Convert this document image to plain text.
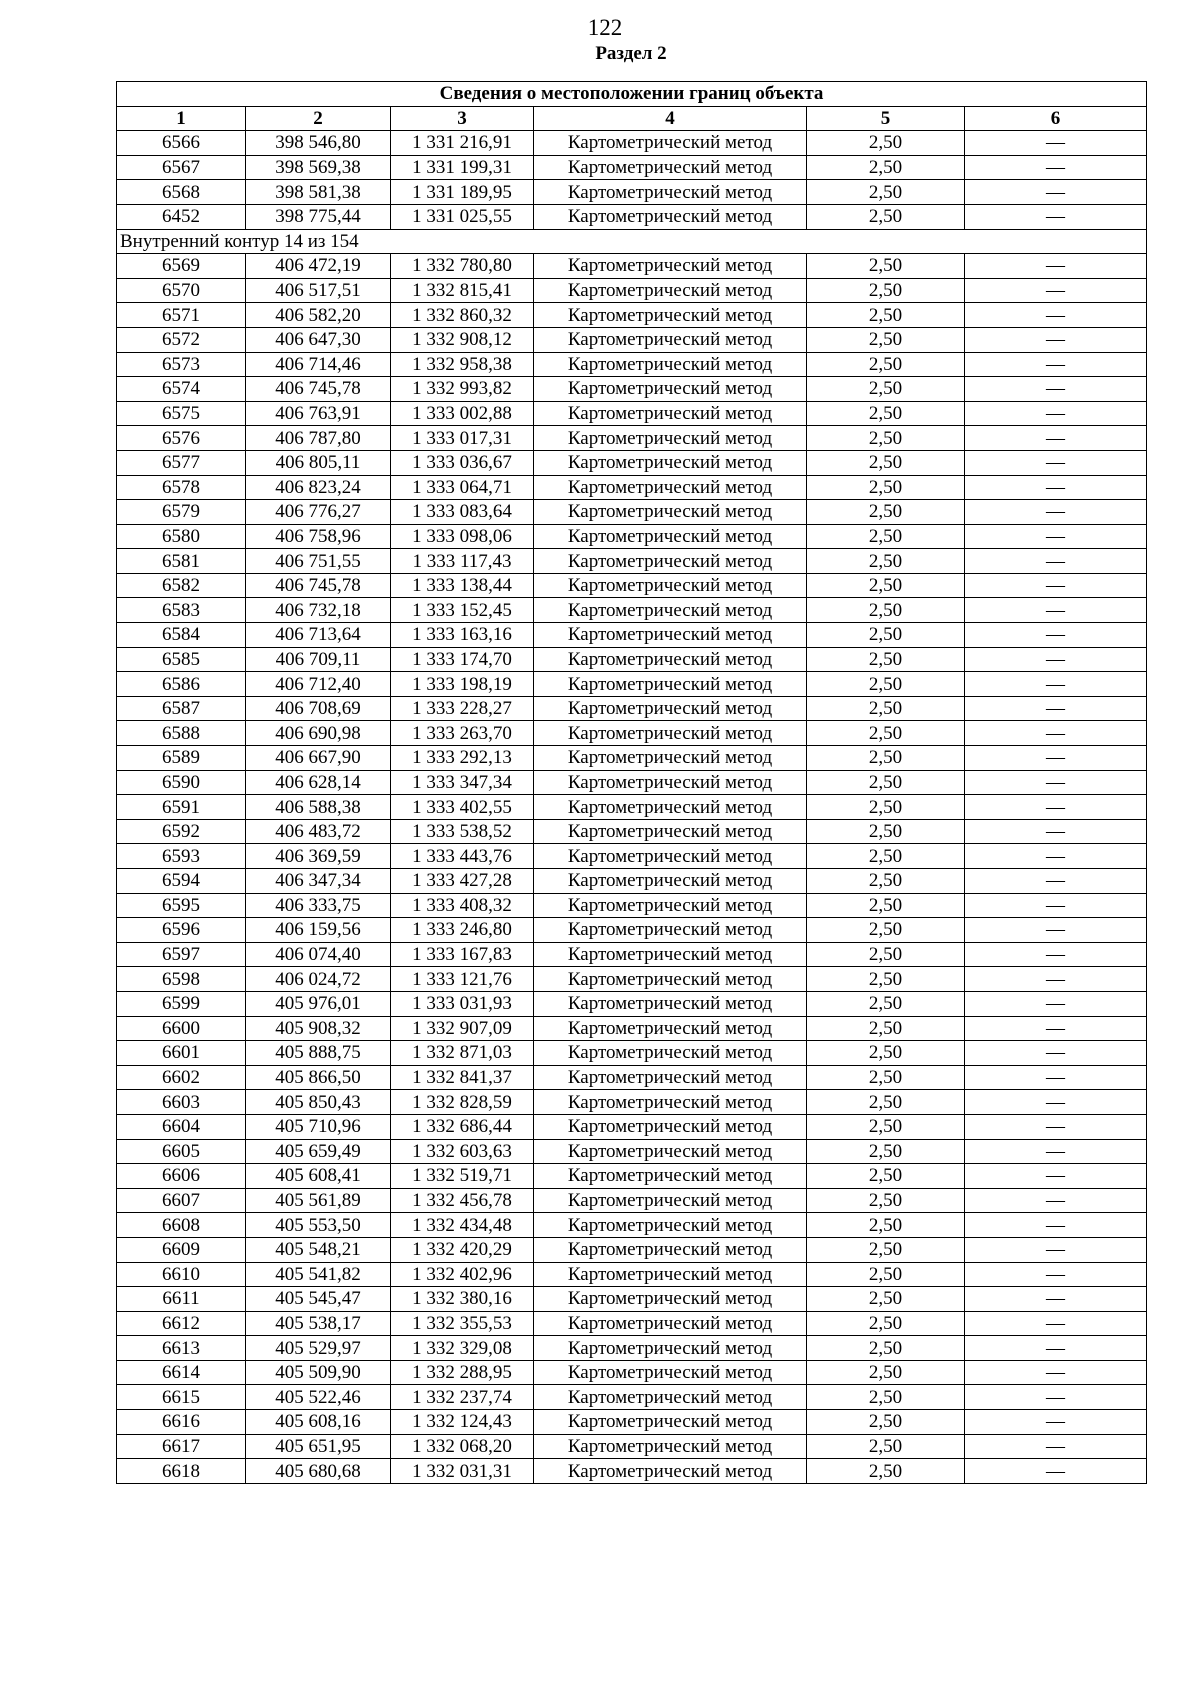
122
Раздел 2
Сведения о местоположении границ объекта					
1	2	3	4	5	6
6566	398 546,80	1 331 216,91	Картометрический метод	2,50	—
6567	398 569,38	1 331 199,31	Картометрический метод	2,50	—
6568	398 581,38	1 331 189,95	Картометрический метод	2,50	—
6452	398 775,44	1 331 025,55	Картометрический метод	2,50	—
Внутренний контур 14 из 154					
6569	406 472,19	1 332 780,80	Картометрический метод	2,50	—
6570	406 517,51	1 332 815,41	Картометрический метод	2,50	—
6571	406 582,20	1 332 860,32	Картометрический метод	2,50	—
6572	406 647,30	1 332 908,12	Картометрический метод	2,50	—
6573	406 714,46	1 332 958,38	Картометрический метод	2,50	—
6574	406 745,78	1 332 993,82	Картометрический метод	2,50	—
6575	406 763,91	1 333 002,88	Картометрический метод	2,50	—
6576	406 787,80	1 333 017,31	Картометрический метод	2,50	—
6577	406 805,11	1 333 036,67	Картометрический метод	2,50	—
6578	406 823,24	1 333 064,71	Картометрический метод	2,50	—
6579	406 776,27	1 333 083,64	Картометрический метод	2,50	—
6580	406 758,96	1 333 098,06	Картометрический метод	2,50	—
6581	406 751,55	1 333 117,43	Картометрический метод	2,50	—
6582	406 745,78	1 333 138,44	Картометрический метод	2,50	—
6583	406 732,18	1 333 152,45	Картометрический метод	2,50	—
6584	406 713,64	1 333 163,16	Картометрический метод	2,50	—
6585	406 709,11	1 333 174,70	Картометрический метод	2,50	—
6586	406 712,40	1 333 198,19	Картометрический метод	2,50	—
6587	406 708,69	1 333 228,27	Картометрический метод	2,50	—
6588	406 690,98	1 333 263,70	Картометрический метод	2,50	—
6589	406 667,90	1 333 292,13	Картометрический метод	2,50	—
6590	406 628,14	1 333 347,34	Картометрический метод	2,50	—
6591	406 588,38	1 333 402,55	Картометрический метод	2,50	—
6592	406 483,72	1 333 538,52	Картометрический метод	2,50	—
6593	406 369,59	1 333 443,76	Картометрический метод	2,50	—
6594	406 347,34	1 333 427,28	Картометрический метод	2,50	—
6595	406 333,75	1 333 408,32	Картометрический метод	2,50	—
6596	406 159,56	1 333 246,80	Картометрический метод	2,50	—
6597	406 074,40	1 333 167,83	Картометрический метод	2,50	—
6598	406 024,72	1 333 121,76	Картометрический метод	2,50	—
6599	405 976,01	1 333 031,93	Картометрический метод	2,50	—
6600	405 908,32	1 332 907,09	Картометрический метод	2,50	—
6601	405 888,75	1 332 871,03	Картометрический метод	2,50	—
6602	405 866,50	1 332 841,37	Картометрический метод	2,50	—
6603	405 850,43	1 332 828,59	Картометрический метод	2,50	—
6604	405 710,96	1 332 686,44	Картометрический метод	2,50	—
6605	405 659,49	1 332 603,63	Картометрический метод	2,50	—
6606	405 608,41	1 332 519,71	Картометрический метод	2,50	—
6607	405 561,89	1 332 456,78	Картометрический метод	2,50	—
6608	405 553,50	1 332 434,48	Картометрический метод	2,50	—
6609	405 548,21	1 332 420,29	Картометрический метод	2,50	—
6610	405 541,82	1 332 402,96	Картометрический метод	2,50	—
6611	405 545,47	1 332 380,16	Картометрический метод	2,50	—
6612	405 538,17	1 332 355,53	Картометрический метод	2,50	—
6613	405 529,97	1 332 329,08	Картометрический метод	2,50	—
6614	405 509,90	1 332 288,95	Картометрический метод	2,50	—
6615	405 522,46	1 332 237,74	Картометрический метод	2,50	—
6616	405 608,16	1 332 124,43	Картометрический метод	2,50	—
6617	405 651,95	1 332 068,20	Картометрический метод	2,50	—
6618	405 680,68	1 332 031,31	Картометрический метод	2,50	—
